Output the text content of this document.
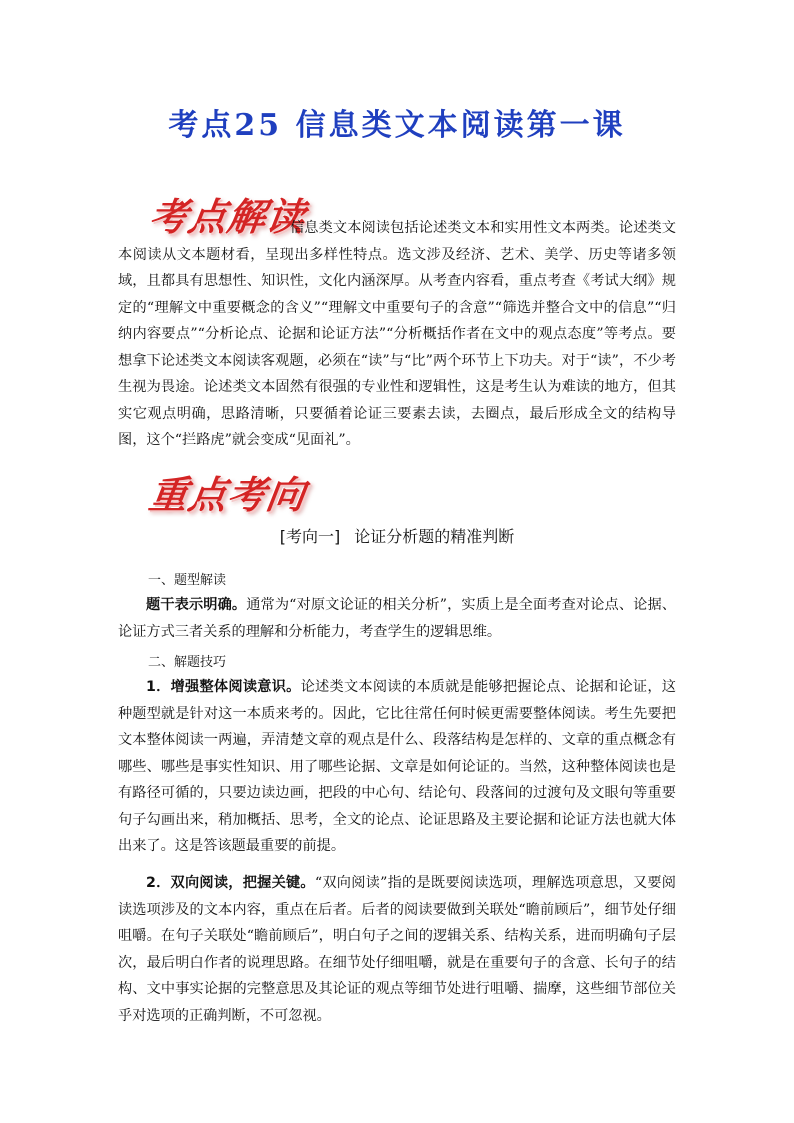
考点25 信息类文本阅读第一课
考点解读
信息类文本阅读包括论述类文本和实用性文本两类。论述类文本阅读从文本题材看，呈现出多样性特点。选文涉及经济、艺术、美学、历史等诸多领域，且都具有思想性、知识性，文化内涵深厚。从考查内容看，重点考查《考试大纲》规定的“理解文中重要概念的含义”“理解文中重要句子的含意”“筛选并整合文中的信息”“归纳内容要点”“分析论点、论据和论证方法”“分析概括作者在文中的观点态度”等考点。要想拿下论述类文本阅读客观题，必须在“读”与“比”两个环节上下功夫。对于“读”，不少考生视为畏途。论述类文本固然有很强的专业性和逻辑性，这是考生认为难读的地方，但其实它观点明确，思路清晰，只要循着论证三要素去读，去圈点，最后形成全文的结构导图，这个“拦路虎”就会变成“见面礼”。
重点考向
[考向一] 论证分析题的精准判断
一、题型解读
题干表示明确。通常为“对原文论证的相关分析”，实质上是全面考查对论点、论据、论证方式三者关系的理解和分析能力，考查学生的逻辑思维。
二、解题技巧
1．增强整体阅读意识。论述类文本阅读的本质就是能够把握论点、论据和论证，这种题型就是针对这一本质来考的。因此，它比往常任何时候更需要整体阅读。考生先要把文本整体阅读一两遍，弄清楚文章的观点是什么、段落结构是怎样的、文章的重点概念有哪些、哪些是事实性知识、用了哪些论据、文章是如何论证的。当然，这种整体阅读也是有路径可循的，只要边读边画，把段的中心句、结论句、段落间的过渡句及文眼句等重要句子勾画出来，稍加概括、思考，全文的论点、论证思路及主要论据和论证方法也就大体出来了。这是答该题最重要的前提。
2．双向阅读，把握关键。“双向阅读”指的是既要阅读选项，理解选项意思，又要阅读选项涉及的文本内容，重点在后者。后者的阅读要做到关联处“瞻前顾后”，细节处仔细咀嚼。在句子关联处“瞻前顾后”，明白句子之间的逻辑关系、结构关系，进而明确句子层次，最后明白作者的说理思路。在细节处仔细咀嚼，就是在重要句子的含意、长句子的结构、文中事实论据的完整意思及其论证的观点等细节处进行咀嚼、揣摩，这些细节部位关乎对选项的正确判断，不可忽视。
